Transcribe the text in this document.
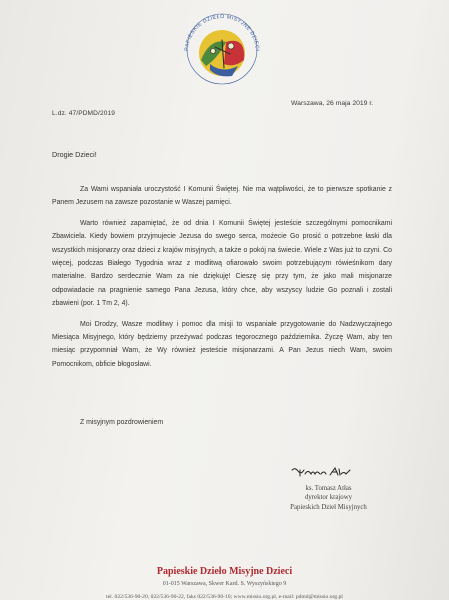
PAPIESKIE DZIEŁO MISYJNE DZIECI
L.dz. 47/PDMD/2019
Warszawa, 26 maja 2019 r.
Drogie Dzieci!

Za Wami wspaniała uroczystość I Komunii Świętej. Nie ma wątpliwości, że to pierwsze spotkanie z Panem Jezusem na zawsze pozostanie w Waszej pamięci.

Warto również zapamiętać, że od dnia I Komunii Świętej jesteście szczególnymi pomocnikami Zbawiciela. Kiedy bowiem przyjmujecie Jezusa do swego serca, możecie Go prosić o potrzebne łaski dla wszystkich misjonarzy oraz dzieci z krajów misyjnych, a także o pokój na świecie. Wiele z Was już to czyni. Co więcej, podczas Białego Tygodnia wraz z modlitwą ofiarowało swoim potrzebującym rówieśnikom dary materialne. Bardzo serdecznie Wam za nie dziękuję! Cieszę się przy tym, że jako mali misjonarze odpowiadacie na pragnienie samego Pana Jezusa, który chce, aby wszyscy ludzie Go poznali i zostali zbawieni (por. 1 Tm 2, 4).

Moi Drodzy, Wasze modlitwy i pomoc dla misji to wspaniałe przygotowanie do Nadzwyczajnego Miesiąca Misyjnego, który będziemy przeżywać podczas tegorocznego października. Życzę Wam, aby ten miesiąc przypomniał Wam, że Wy również jesteście misjonarzami. A Pan Jezus niech Wam, swoim Pomocnikom, obficie błogosławi.

Z misyjnym pozdrowieniem
ks. Tomasz Atłas
dyrektor krajowy
Papieskich Dzieł Misyjnych
Papieskie Dzieło Misyjne Dzieci
01-015 Warszawa, Skwer Kard. S. Wyszyńskiego 9
tel. 022/536-90-20, 022/536-90-22, faks 022/536-90-10; www.missio.org.pl, e-mail: pdmd@missio.org.pl
